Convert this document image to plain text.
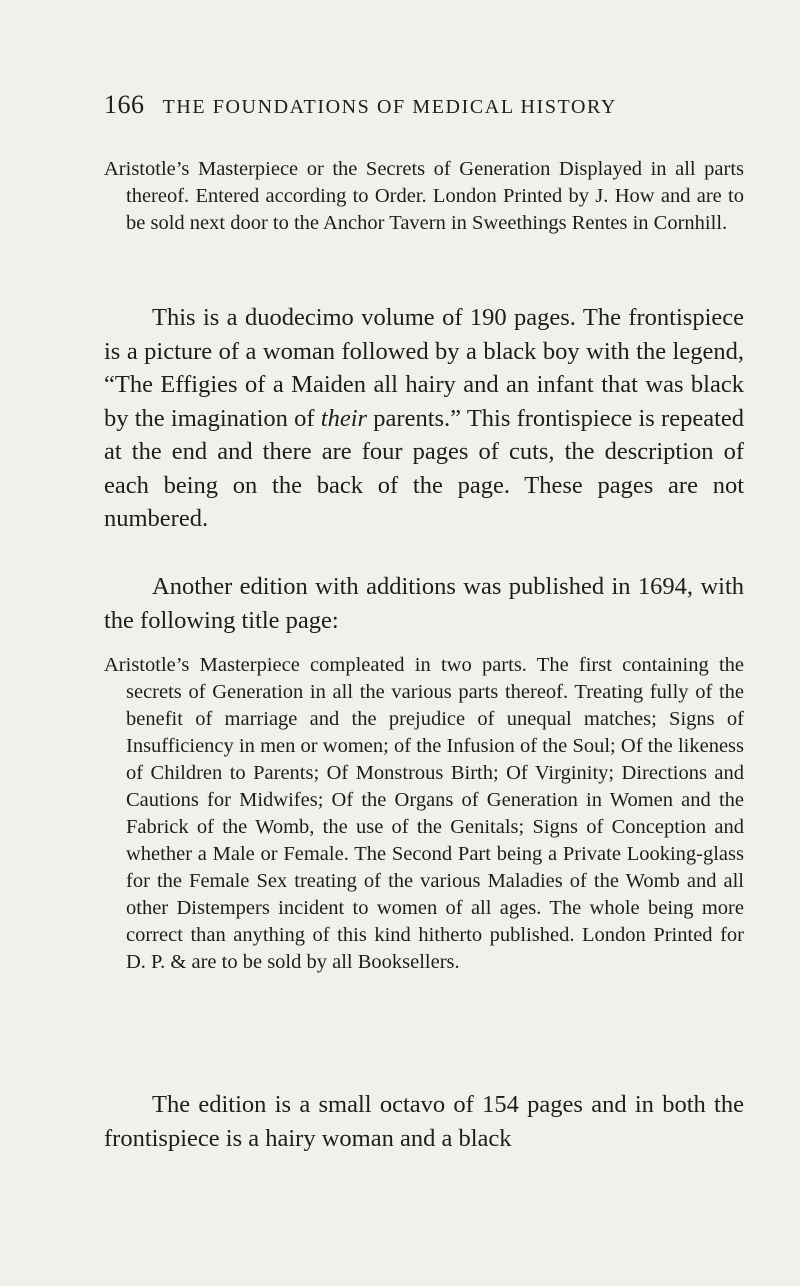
166 THE FOUNDATIONS OF MEDICAL HISTORY
Aristotle’s Masterpiece or the Secrets of Generation Displayed in all parts thereof. Entered according to Order. London Printed by J. How and are to be sold next door to the Anchor Tavern in Sweethings Rentes in Cornhill.

This is a duodecimo volume of 190 pages. The frontispiece is a picture of a woman followed by a black boy with the legend, “The Effigies of a Maiden all hairy and an infant that was black by the imagination of their parents.” This frontispiece is repeated at the end and there are four pages of cuts, the description of each being on the back of the page. These pages are not numbered.

Another edition with additions was published in 1694, with the following title page:

Aristotle’s Masterpiece compleated in two parts. The first containing the secrets of Generation in all the various parts thereof. Treating fully of the benefit of marriage and the prejudice of unequal matches; Signs of Insufficiency in men or women; of the Infusion of the Soul; Of the likeness of Children to Parents; Of Monstrous Birth; Of Virginity; Directions and Cautions for Midwifes; Of the Organs of Generation in Women and the Fabrick of the Womb, the use of the Genitals; Signs of Conception and whether a Male or Female. The Second Part being a Private Looking-glass for the Female Sex treating of the various Maladies of the Womb and all other Distempers incident to women of all ages. The whole being more correct than anything of this kind hitherto published. London Printed for D. P. & are to be sold by all Booksellers.

The edition is a small octavo of 154 pages and in both the frontispiece is a hairy woman and a black
